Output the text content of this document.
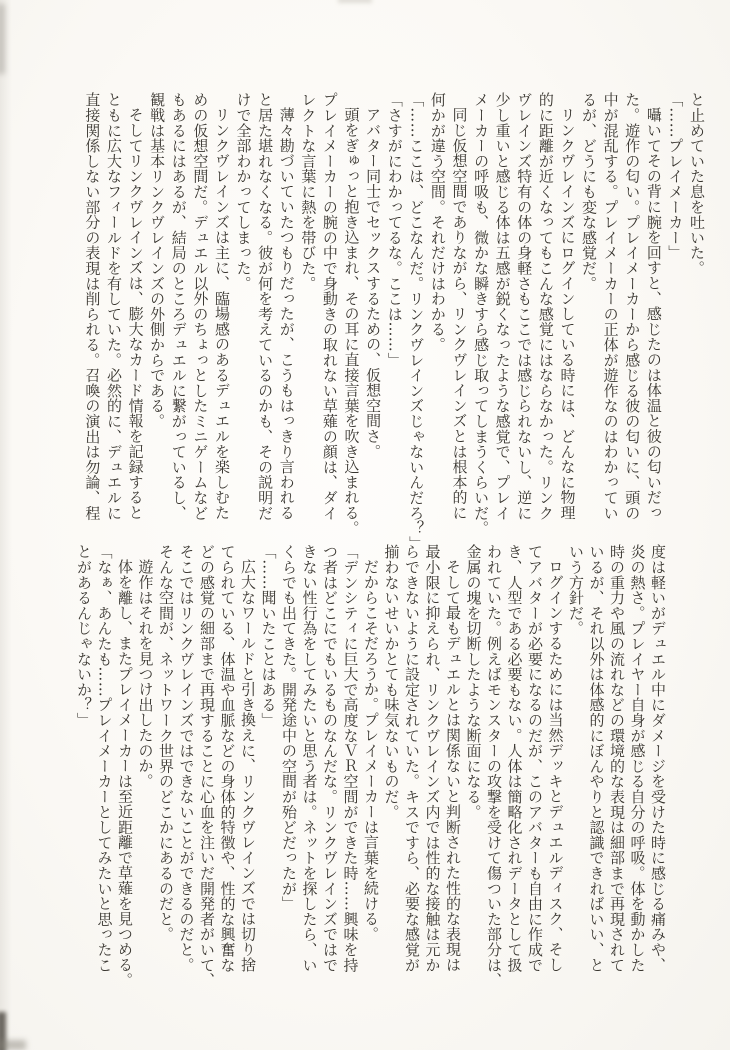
と止めていた息を吐いた。
「……プレイメーカー」
囁いてその背に腕を回すと、感じたのは体温と彼の匂いだっ
た。遊作の匂い。プレイメーカーから感じる彼の匂いに、頭の
中が混乱する。プレイメーカーの正体が遊作なのはわかってい
るが、どうにも変な感覚だ。
リンクヴレインズにログインしている時には、どんなに物理
的に距離が近くなってもこんな感覚にはならなかった。リンク
ヴレインズ特有の体の身軽さもここでは感じられないし、逆に
少し重いと感じる体は五感が鋭くなったような感覚で、プレイ
メーカーの呼吸も、微かな瞬きすら感じ取ってしまうくらいだ。
同じ仮想空間でありながら、リンクヴレインズとは根本的に
何かが違う空間。それだけはわかる。
「……ここは、どこなんだ。リンクヴレインズじゃないんだろ？」
「さすがにわかってるな。ここは……」
アバター同士でセックスするための、仮想空間さ。
頭をぎゅっと抱き込まれ、その耳に直接言葉を吹き込まれる。
プレイメーカーの腕の中で身動きの取れない草薙の顔は、ダイ
レクトな言葉に熱を帯びた。
薄々勘づいていたつもりだったが、こうもはっきり言われる
と居た堪れなくなる。彼が何を考えているのかも、その説明だ
けで全部わかってしまった。
リンクヴレインズは主に、臨場感のあるデュエルを楽しむた
めの仮想空間だ。デュエル以外のちょっとしたミニゲームなど
もあるにはあるが、結局のところデュエルに繋がっているし、
観戦は基本リンクヴレインズの外側からである。
そしてリンクヴレインズは、膨大なカード情報を記録すると
ともに広大なフィールドを有していた。必然的に、デュエルに
直接関係しない部分の表現は削られる。召喚の演出は勿論、程
度は軽いがデュエル中にダメージを受けた時に感じる痛みや、
炎の熱さ。プレイヤー自身が感じる自分の呼吸。体を動かした
時の重力や風の流れなどの環境的な表現は細部まで再現されて
いるが、それ以外は体感的にぼんやりと認識できればいい、と
いう方針だ。
ログインするためには当然デッキとデュエルディスク、そし
てアバターが必要になるのだが、このアバターも自由に作成で
き、人型である必要もない。人体は簡略化されデータとして扱
われていた。例えばモンスターの攻撃を受けて傷ついた部分は、
金属の塊を切断したような断面になる。
そして最もデュエルとは関係ないと判断された性的な表現は
最小限に抑えられ、リンクヴレインズ内では性的な接触は元か
らできないように設定されていた。キスですら、必要な感覚が
揃わないせいかとても味気ないものだ。
だからこそだろうか。プレイメーカーは言葉を続ける。
「デンシティに巨大で高度なＶＲ空間ができた時……興味を持
つ者はどこにでもいるものなんだな。リンクヴレインズではで
きない性行為をしてみたいと思う者は。ネットを探したら、い
くらでも出てきた。開発途中の空間が殆どだったが」
「……聞いたことはある」
広大なワールドと引き換えに、リンクヴレインズでは切り捨
てられている、体温や血脈などの身体的特徴や、性的な興奮な
どの感覚の細部まで再現することに心血を注いだ開発者がいて、
そこではリンクヴレインズではできないことができるのだと。
そんな空間が、ネットワーク世界のどこかにあるのだと。
遊作はそれを見つけ出したのか。
体を離し、またプレイメーカーは至近距離で草薙を見つめる。
「なぁ、あんたも……プレイメーカーとしてみたいと思ったこ
とがあるんじゃないか？」
